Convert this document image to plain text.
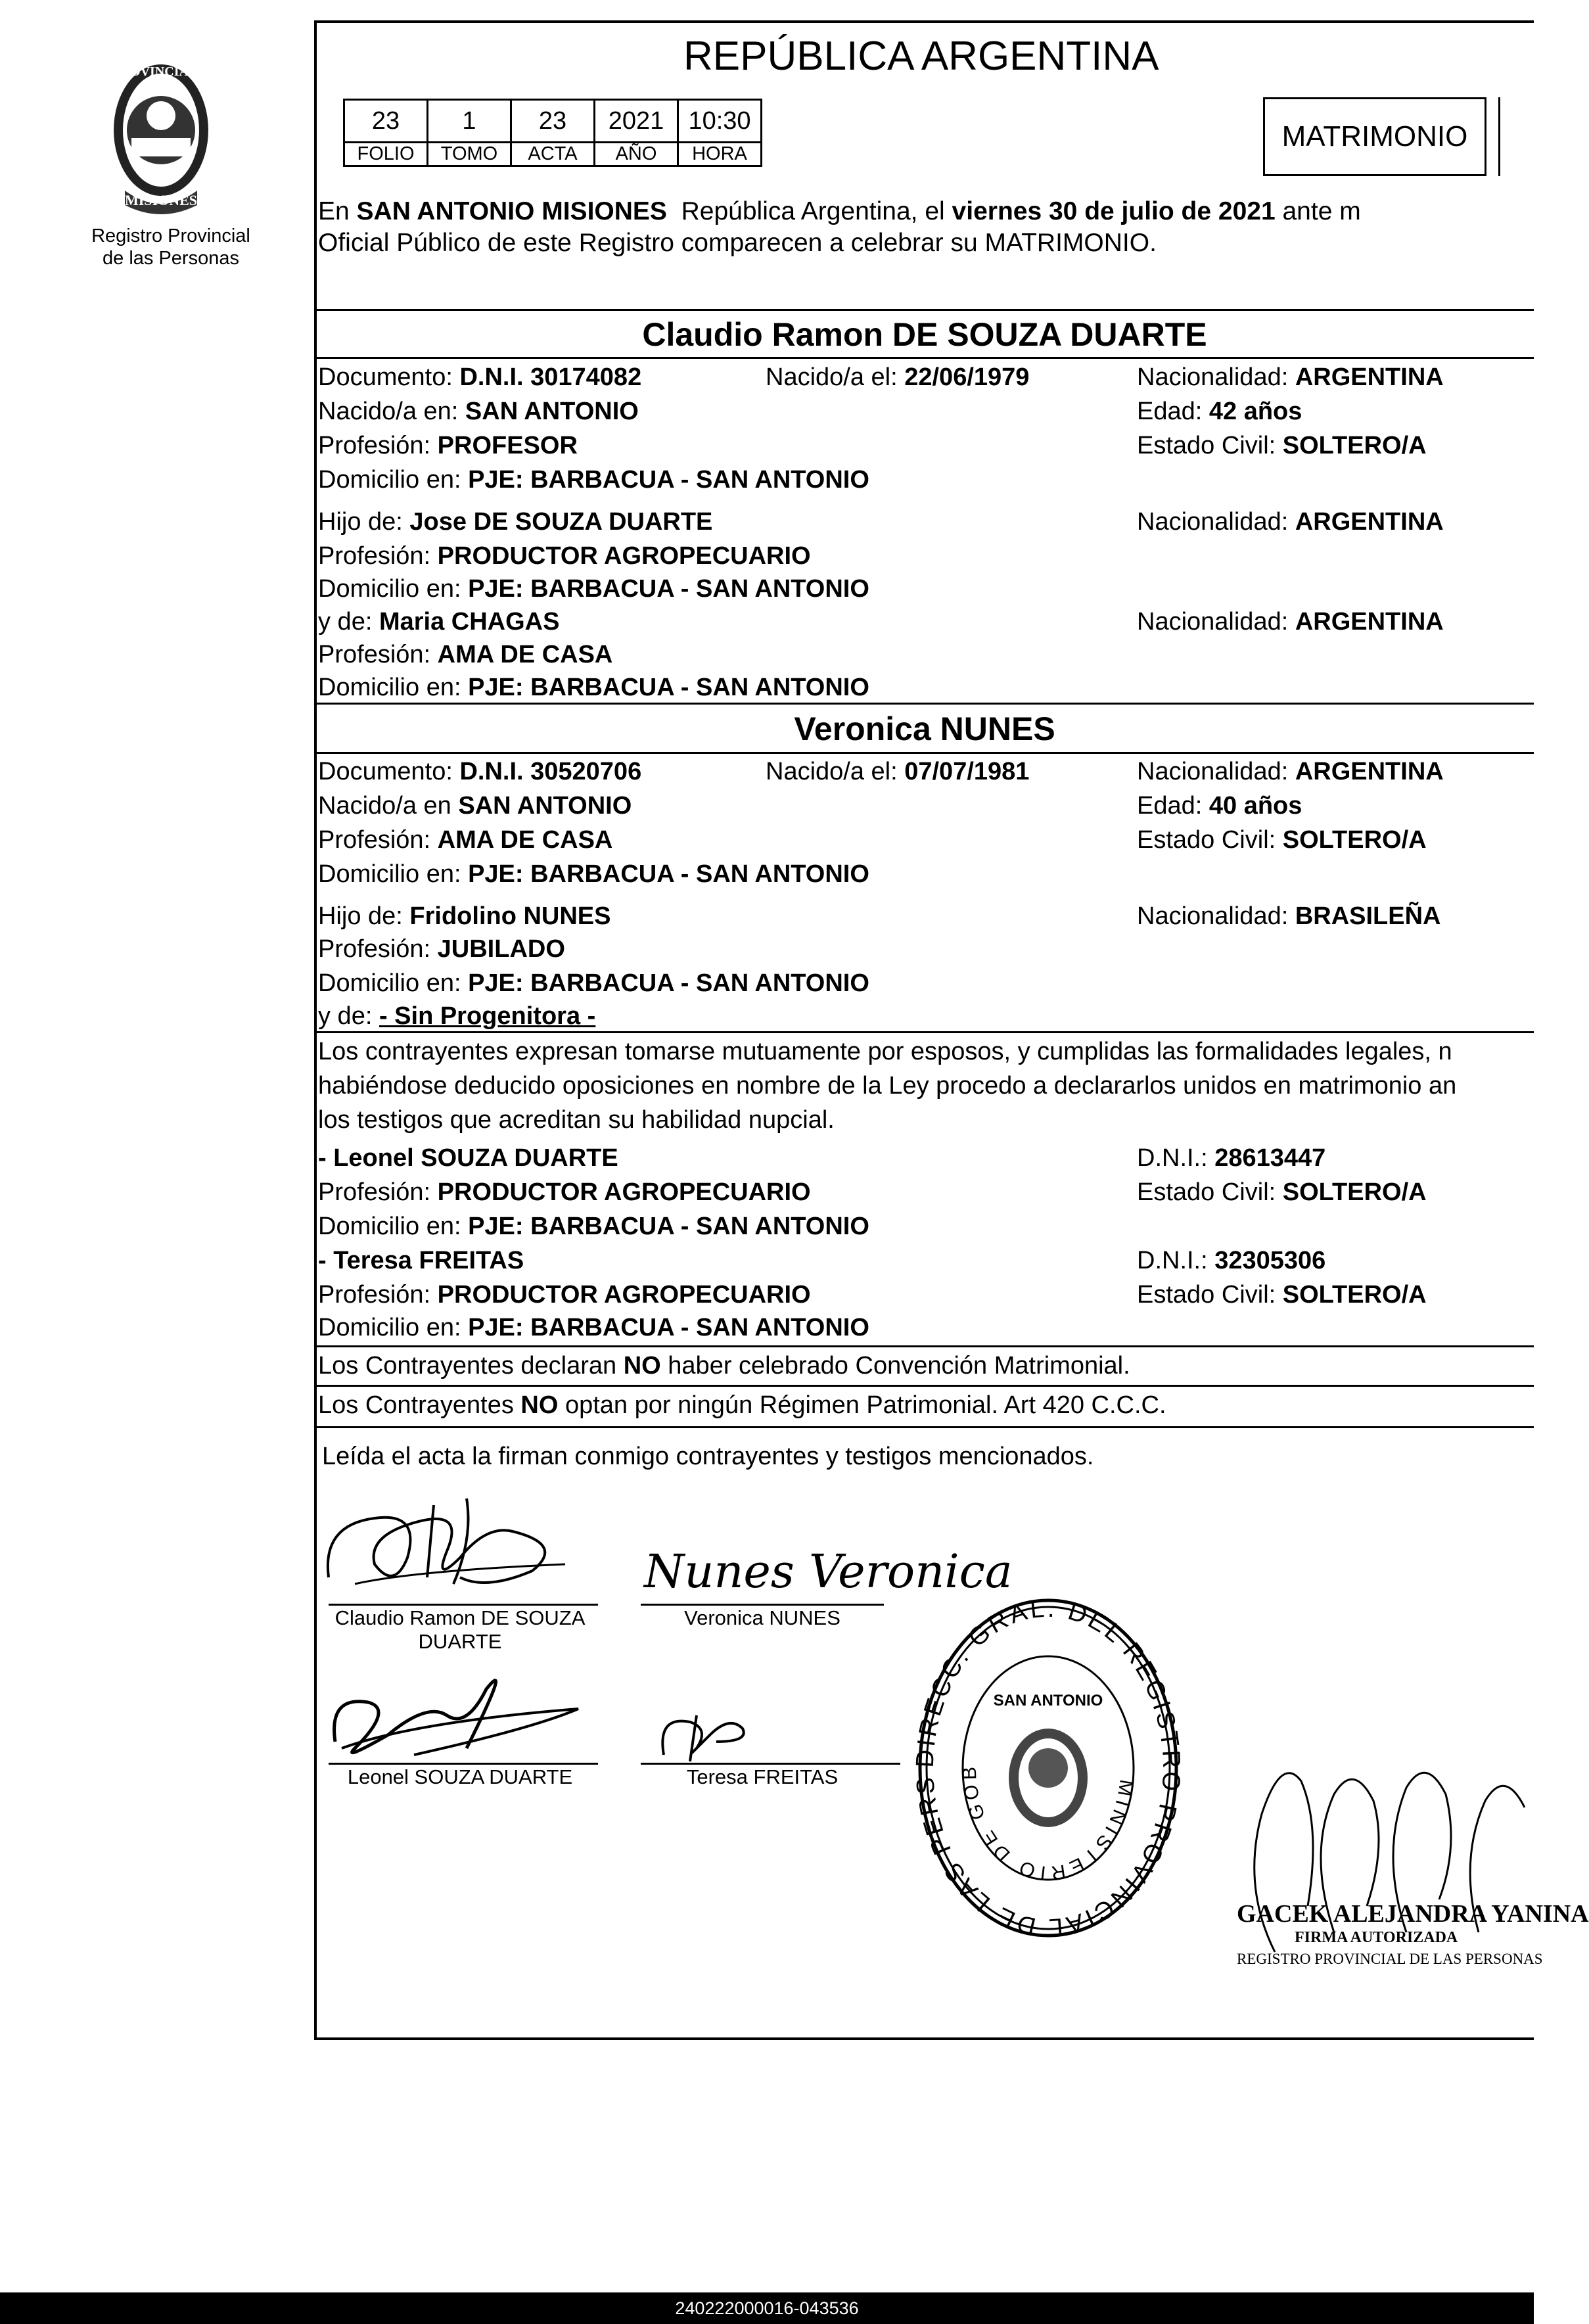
PROVINCIA DE
MISIONES
Registro Provincial
de las Personas
REPÚBLICA ARGENTINA
23	1	23	2021	10:30
FOLIO	TOMO	ACTA	AÑO	HORA
MATRIMONIO
En SAN ANTONIO MISIONES  República Argentina, el viernes 30 de julio de 2021 ante m
Oficial Público de este Registro comparecen a celebrar su MATRIMONIO.
Claudio Ramon DE SOUZA DUARTE
Documento: D.N.I. 30174082	Nacido/a el: 22/06/1979	Nacionalidad: ARGENTINA
Nacido/a en: SAN ANTONIO	Edad: 42 años
Profesión: PROFESOR	Estado Civil: SOLTERO/A
Domicilio en: PJE: BARBACUA - SAN ANTONIO
Hijo de: Jose DE SOUZA DUARTE	Nacionalidad: ARGENTINA
Profesión: PRODUCTOR AGROPECUARIO
Domicilio en: PJE: BARBACUA - SAN ANTONIO
y de: Maria CHAGAS	Nacionalidad: ARGENTINA
Profesión: AMA DE CASA
Domicilio en: PJE: BARBACUA - SAN ANTONIO
Veronica NUNES
Documento: D.N.I. 30520706	Nacido/a el: 07/07/1981	Nacionalidad: ARGENTINA
Nacido/a en SAN ANTONIO	Edad: 40 años
Profesión: AMA DE CASA	Estado Civil: SOLTERO/A
Domicilio en: PJE: BARBACUA - SAN ANTONIO
Hijo de: Fridolino NUNES	Nacionalidad: BRASILEÑA
Profesión: JUBILADO
Domicilio en: PJE: BARBACUA - SAN ANTONIO
y de: - Sin Progenitora -
Los contrayentes expresan tomarse mutuamente por esposos, y cumplidas las formalidades legales, n
habiéndose deducido oposiciones en nombre de la Ley procedo a declararlos unidos en matrimonio an
los testigos que acreditan su habilidad nupcial.
- Leonel SOUZA DUARTE	D.N.I.: 28613447
Profesión: PRODUCTOR AGROPECUARIO	Estado Civil: SOLTERO/A
Domicilio en: PJE: BARBACUA - SAN ANTONIO
- Teresa FREITAS	D.N.I.: 32305306
Profesión: PRODUCTOR AGROPECUARIO	Estado Civil: SOLTERO/A
Domicilio en: PJE: BARBACUA - SAN ANTONIO
Los Contrayentes declaran NO haber celebrado Convención Matrimonial.
Los Contrayentes NO optan por ningún Régimen Patrimonial. Art 420 C.C.C.
Leída el acta la firman conmigo contrayentes y testigos mencionados.
Claudio Ramon DE SOUZA
DUARTE
Nunes Veronica
Veronica NUNES
Leonel SOUZA DUARTE	Teresa FREITAS
DIRECC. GRAL. DEL REGISTRO PROVINCIAL DE LAS PERS	MINISTERIO DE GOB
SAN ANTONIO
GACEK ALEJANDRA YANINA
FIRMA AUTORIZADA
REGISTRO PROVINCIAL DE LAS PERSONAS
240222000016-043536
